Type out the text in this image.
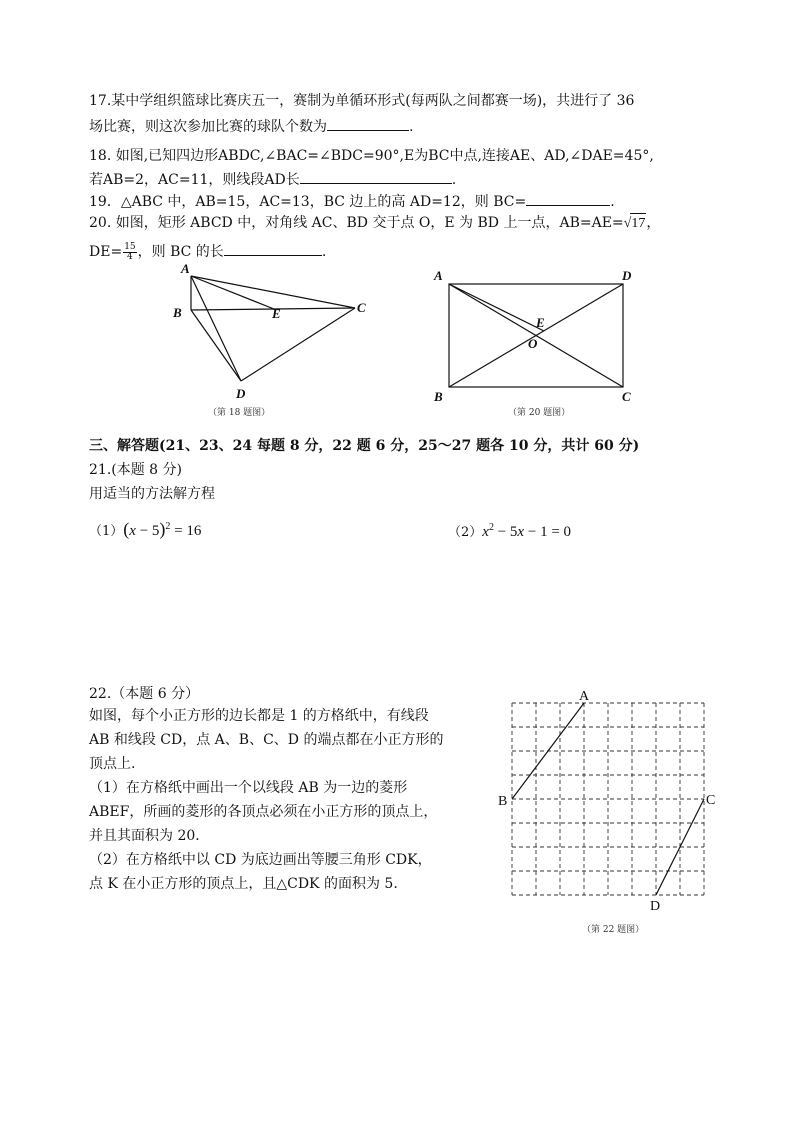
17.某中学组织篮球比赛庆五一，赛制为单循环形式(每两队之间都赛一场)，共进行了 36
场比赛，则这次参加比赛的球队个数为	.
18. 如图,已知四边形ABDC,∠BAC=∠BDC=90°,E为BC中点,连接AE、AD,∠DAE=45°,
若AB=2，AC=11，则线段AD长	.
19．△ABC 中，AB=15，AC=13，BC 边上的高 AD=12，则 BC=	.
20. 如图，矩形 ABCD 中，对角线 AC、BD 交于点 O，E 为 BD 上一点，AB=AE=√17，
$DE= \frac{15}{4}$ ，则 BC 的长	.
A
B	C
D
E
（第 18 题图）
A	D
B	C
E
O
（第 20 题图）
三、解答题(21、23、24 每题 8 分，22 题 6 分，25～27 题各 10 分，共计 60 分)
21.(本题 8 分)
用适当的方法解方程
$(1)(x - 5)^2 = 16$	$(2)x^2 - 5x - 1 = 0$
22.（本题 6 分）
如图，每个小正方形的边长都是 1 的方格纸中，有线段
AB 和线段 CD，点 A、B、C、D 的端点都在小正方形的
顶点上.
（1）在方格纸中画出一个以线段 AB 为一边的菱形
ABEF，所画的菱形的各顶点必须在小正方形的顶点上，
并且其面积为 20.
（2）在方格纸中以 CD 为底边画出等腰三角形 CDK，
点 K 在小正方形的顶点上，且△CDK 的面积为 5.
A
B	C
D
（第 22 题图）
